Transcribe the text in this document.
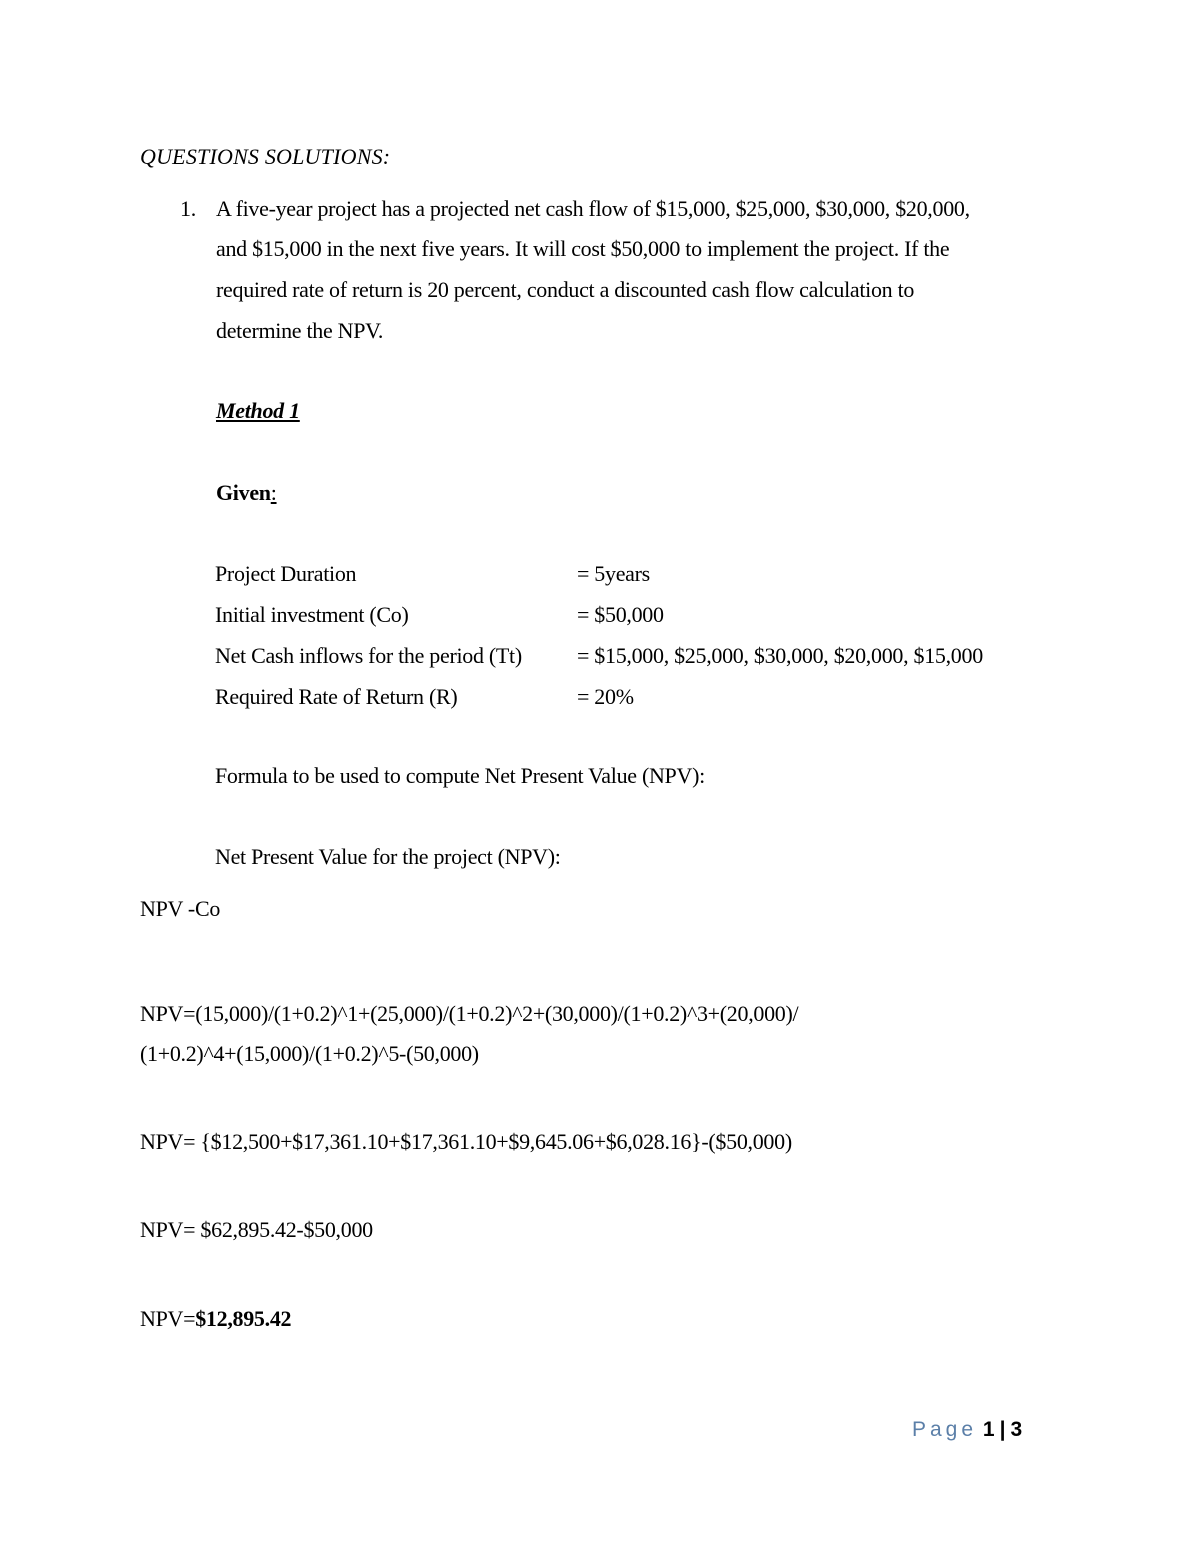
QUESTIONS SOLUTIONS:
1. A five-year project has a projected net cash flow of $15,000, $25,000, $30,000, $20,000,
and $15,000 in the next five years. It will cost $50,000 to implement the project. If the
required rate of return is 20 percent, conduct a discounted cash flow calculation to
determine the NPV.
Method 1
Given:
Project Duration	= 5years
Initial investment (Co)	= $50,000
Net Cash inflows for the period (Tt)	= $15,000, $25,000, $30,000, $20,000, $15,000
Required Rate of Return (R)	= 20%
Formula to be used to compute Net Present Value (NPV):
Net Present Value for the project (NPV):
NPV -Co
NPV=(15,000)/(1+0.2)^1+(25,000)/(1+0.2)^2+(30,000)/(1+0.2)^3+(20,000)/
(1+0.2)^4+(15,000)/(1+0.2)^5-(50,000)
NPV= {$12,500+$17,361.10+$17,361.10+$9,645.06+$6,028.16}-($50,000)
NPV= $62,895.42-$50,000
NPV=$12,895.42
Page 1 | 3
